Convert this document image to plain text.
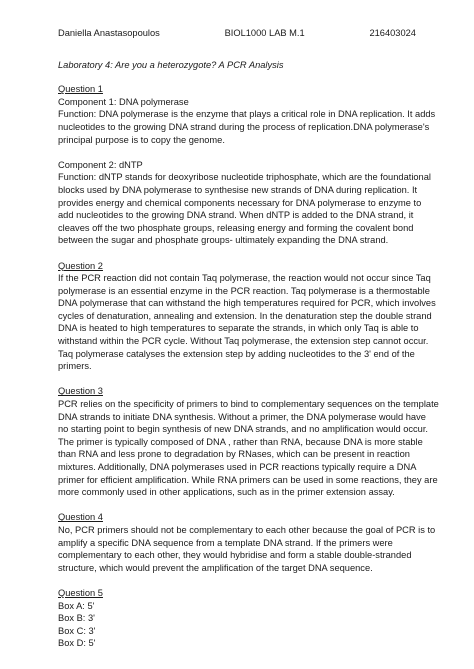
Daniella Anastasopoulos	BIOL1000 LAB M.1	216403024
Laboratory 4: Are you a heterozygote? A PCR Analysis
Question 1
Component 1: DNA polymerase
Function: DNA polymerase is the enzyme that plays a critical role in DNA replication. It adds
nucleotides to the growing DNA strand during the process of replication.DNA polymerase's
principal purpose is to copy the genome.
Component 2: dNTP
Function: dNTP stands for deoxyribose nucleotide triphosphate, which are the foundational
blocks used by DNA polymerase to synthesise new strands of DNA during replication. It
provides energy and chemical components necessary for DNA polymerase to enzyme to
add nucleotides to the growing DNA strand. When dNTP is added to the DNA strand, it
cleaves off the two phosphate groups, releasing energy and forming the covalent bond
between the sugar and phosphate groups- ultimately expanding the DNA strand.
Question 2
If the PCR reaction did not contain Taq polymerase, the reaction would not occur since Taq
polymerase is an essential enzyme in the PCR reaction. Taq polymerase is a thermostable
DNA polymerase that can withstand the high temperatures required for PCR, which involves
cycles of denaturation, annealing and extension. In the denaturation step the double strand
DNA is heated to high temperatures to separate the strands, in which only Taq is able to
withstand within the PCR cycle. Without Taq polymerase, the extension step cannot occur.
Taq polymerase catalyses the extension step by adding nucleotides to the 3' end of the
primers.
Question 3
PCR relies on the specificity of primers to bind to complementary sequences on the template
DNA strands to initiate DNA synthesis. Without a primer, the DNA polymerase would have
no starting point to begin synthesis of new DNA strands, and no amplification would occur.
The primer is typically composed of DNA , rather than RNA, because DNA is more stable
than RNA and less prone to degradation by RNases, which can be present in reaction
mixtures. Additionally, DNA polymerases used in PCR reactions typically require a DNA
primer for efficient amplification. While RNA primers can be used in some reactions, they are
more commonly used in other applications, such as in the primer extension assay.
Question 4
No, PCR primers should not be complementary to each other because the goal of PCR is to
amplify a specific DNA sequence from a template DNA strand. If the primers were
complementary to each other, they would hybridise and form a stable double-stranded
structure, which would prevent the amplification of the target DNA sequence.
Question 5
Box A: 5'
Box B: 3'
Box C: 3'
Box D: 5'
